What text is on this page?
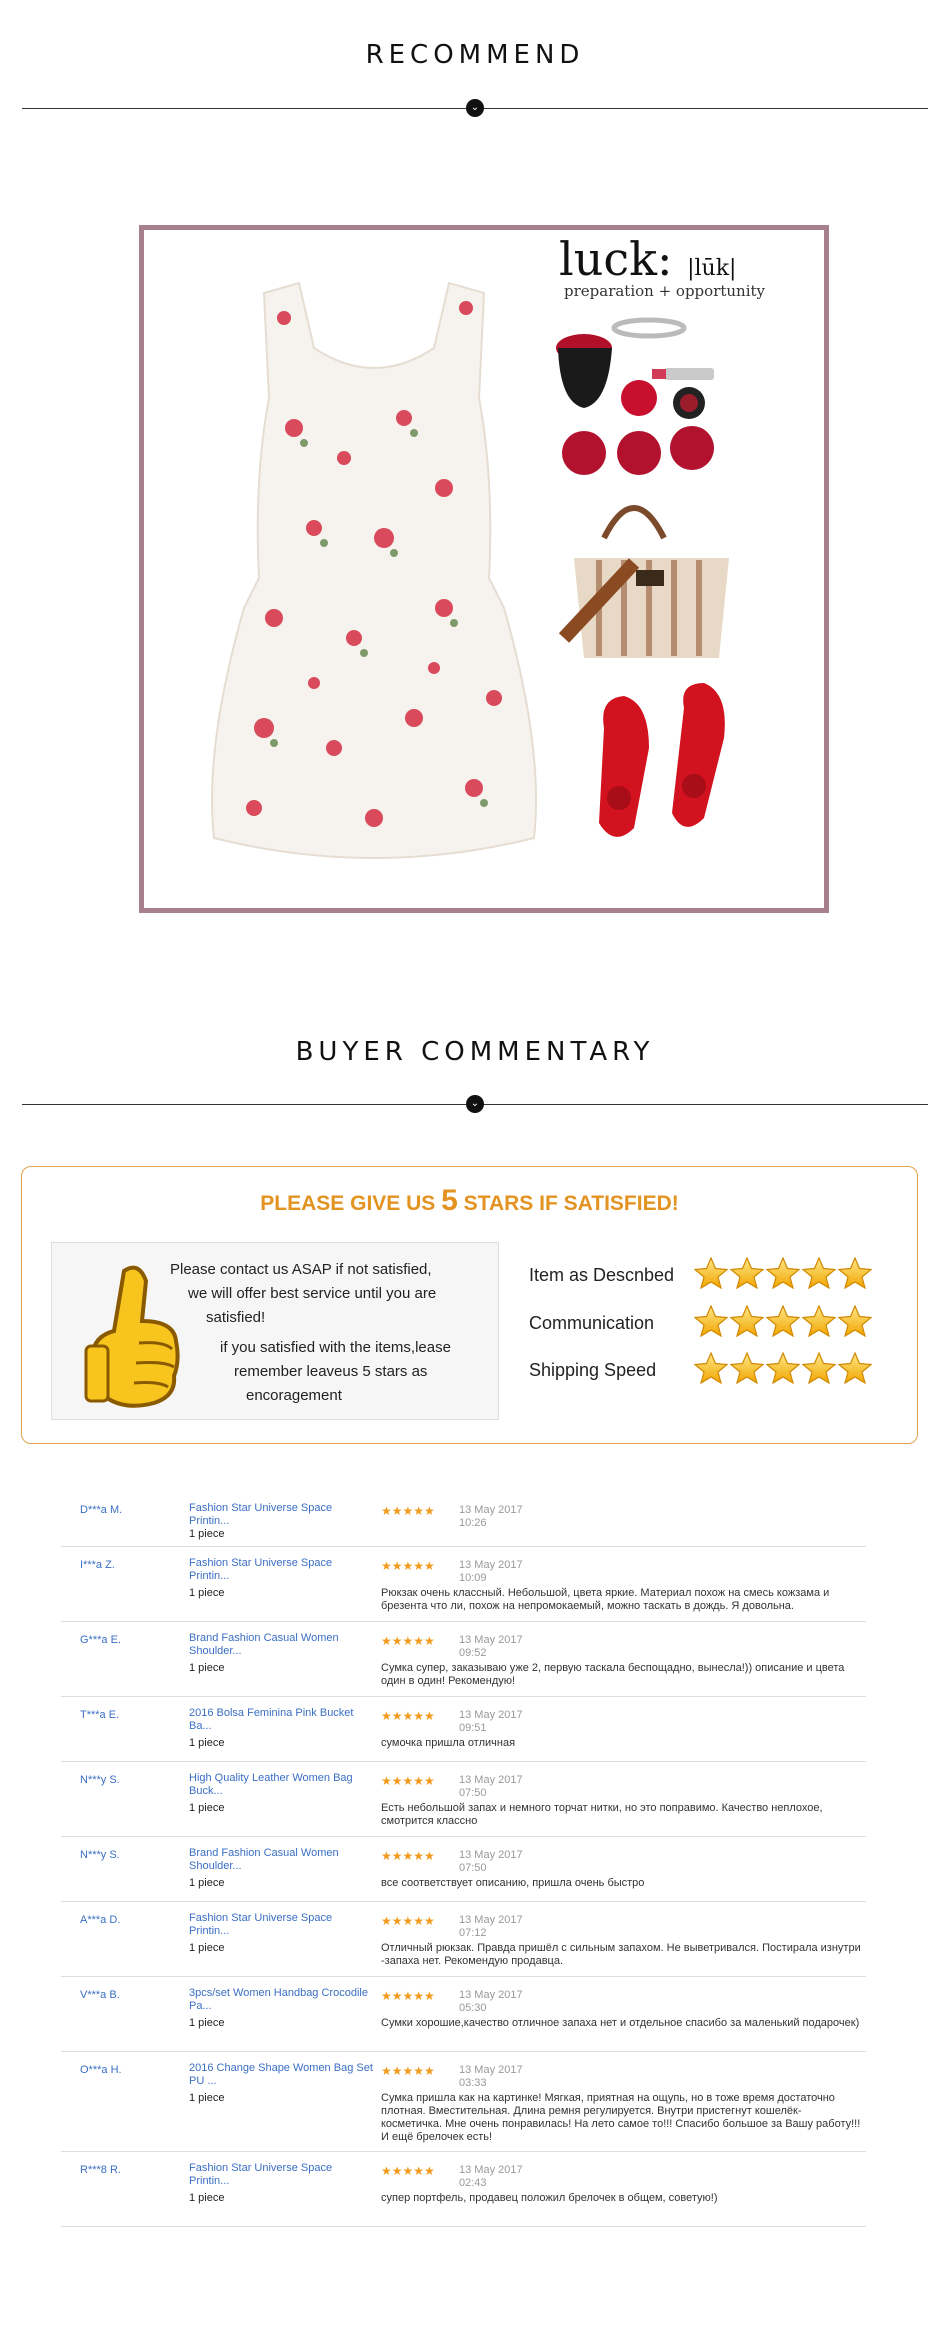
RECOMMEND
⌄
luck: |lūk|
preparation + opportunity
BUYER COMMENTARY
⌄
PLEASE GIVE US 5 STARS IF SATISFIED!
Please contact us ASAP if not satisfied,
we will offer best service until you are
satisfied!
if you satisfied with the items,lease
remember leaveus 5 stars as
encoragement
Item as Descnbed
Communication
Shipping Speed
D***a M.	Fashion Star Universe Space Printin...
1 piece
★★★★★ 13 May 2017
10:26
I***a Z.	Fashion Star Universe Space Printin...
1 piece
★★★★★ 13 May 2017
10:09
Рюкзак очень классный. Небольшой, цвета яркие. Материал похож на смесь кожзама и брезента что ли, похож на непромокаемый, можно таскать в дождь. Я довольна.
G***a E.	Brand Fashion Casual Women Shoulder...
1 piece
★★★★★ 13 May 2017
09:52
Сумка супер, заказываю уже 2, первую таскала беспощадно, вынесла!)) описание и цвета один в один! Рекомендую!
T***a E.	2016 Bolsa Feminina Pink Bucket Ba...
1 piece
★★★★★ 13 May 2017
09:51
сумочка пришла отличная
N***y S.	High Quality Leather Women Bag Buck...
1 piece
★★★★★ 13 May 2017
07:50
Есть небольшой запах и немного торчат нитки, но это поправимо. Качество неплохое, смотрится классно
N***y S.	Brand Fashion Casual Women Shoulder...
1 piece
★★★★★ 13 May 2017
07:50
все соответствует описанию, пришла очень быстро
A***a D.	Fashion Star Universe Space Printin...
1 piece
★★★★★ 13 May 2017
07:12
Отличный рюкзак. Правда пришёл с сильным запахом. Не выветривался. Постирала изнутри -запаха нет. Рекомендую продавца.
V***a B.	3pcs/set Women Handbag Crocodile Pa...
1 piece
★★★★★ 13 May 2017
05:30
Сумки хорошие,качество отличное запаха нет и отдельное спасибо за маленький подарочек)
O***a H.	2016 Change Shape Women Bag Set PU ...
1 piece
★★★★★ 13 May 2017
03:33
Сумка пришла как на картинке! Мягкая, приятная на ощупь, но в тоже время достаточно плотная. Вместительная. Длина ремня регулируется. Внутри пристегнут кошелёк-косметичка. Мне очень понравилась! На лето самое то!!! Спасибо большое за Вашу работу!!! И ещё брелочек есть!
R***8 R.	Fashion Star Universe Space Printin...
1 piece
★★★★★ 13 May 2017
02:43
супер портфель, продавец положил брелочек в общем, советую!)
